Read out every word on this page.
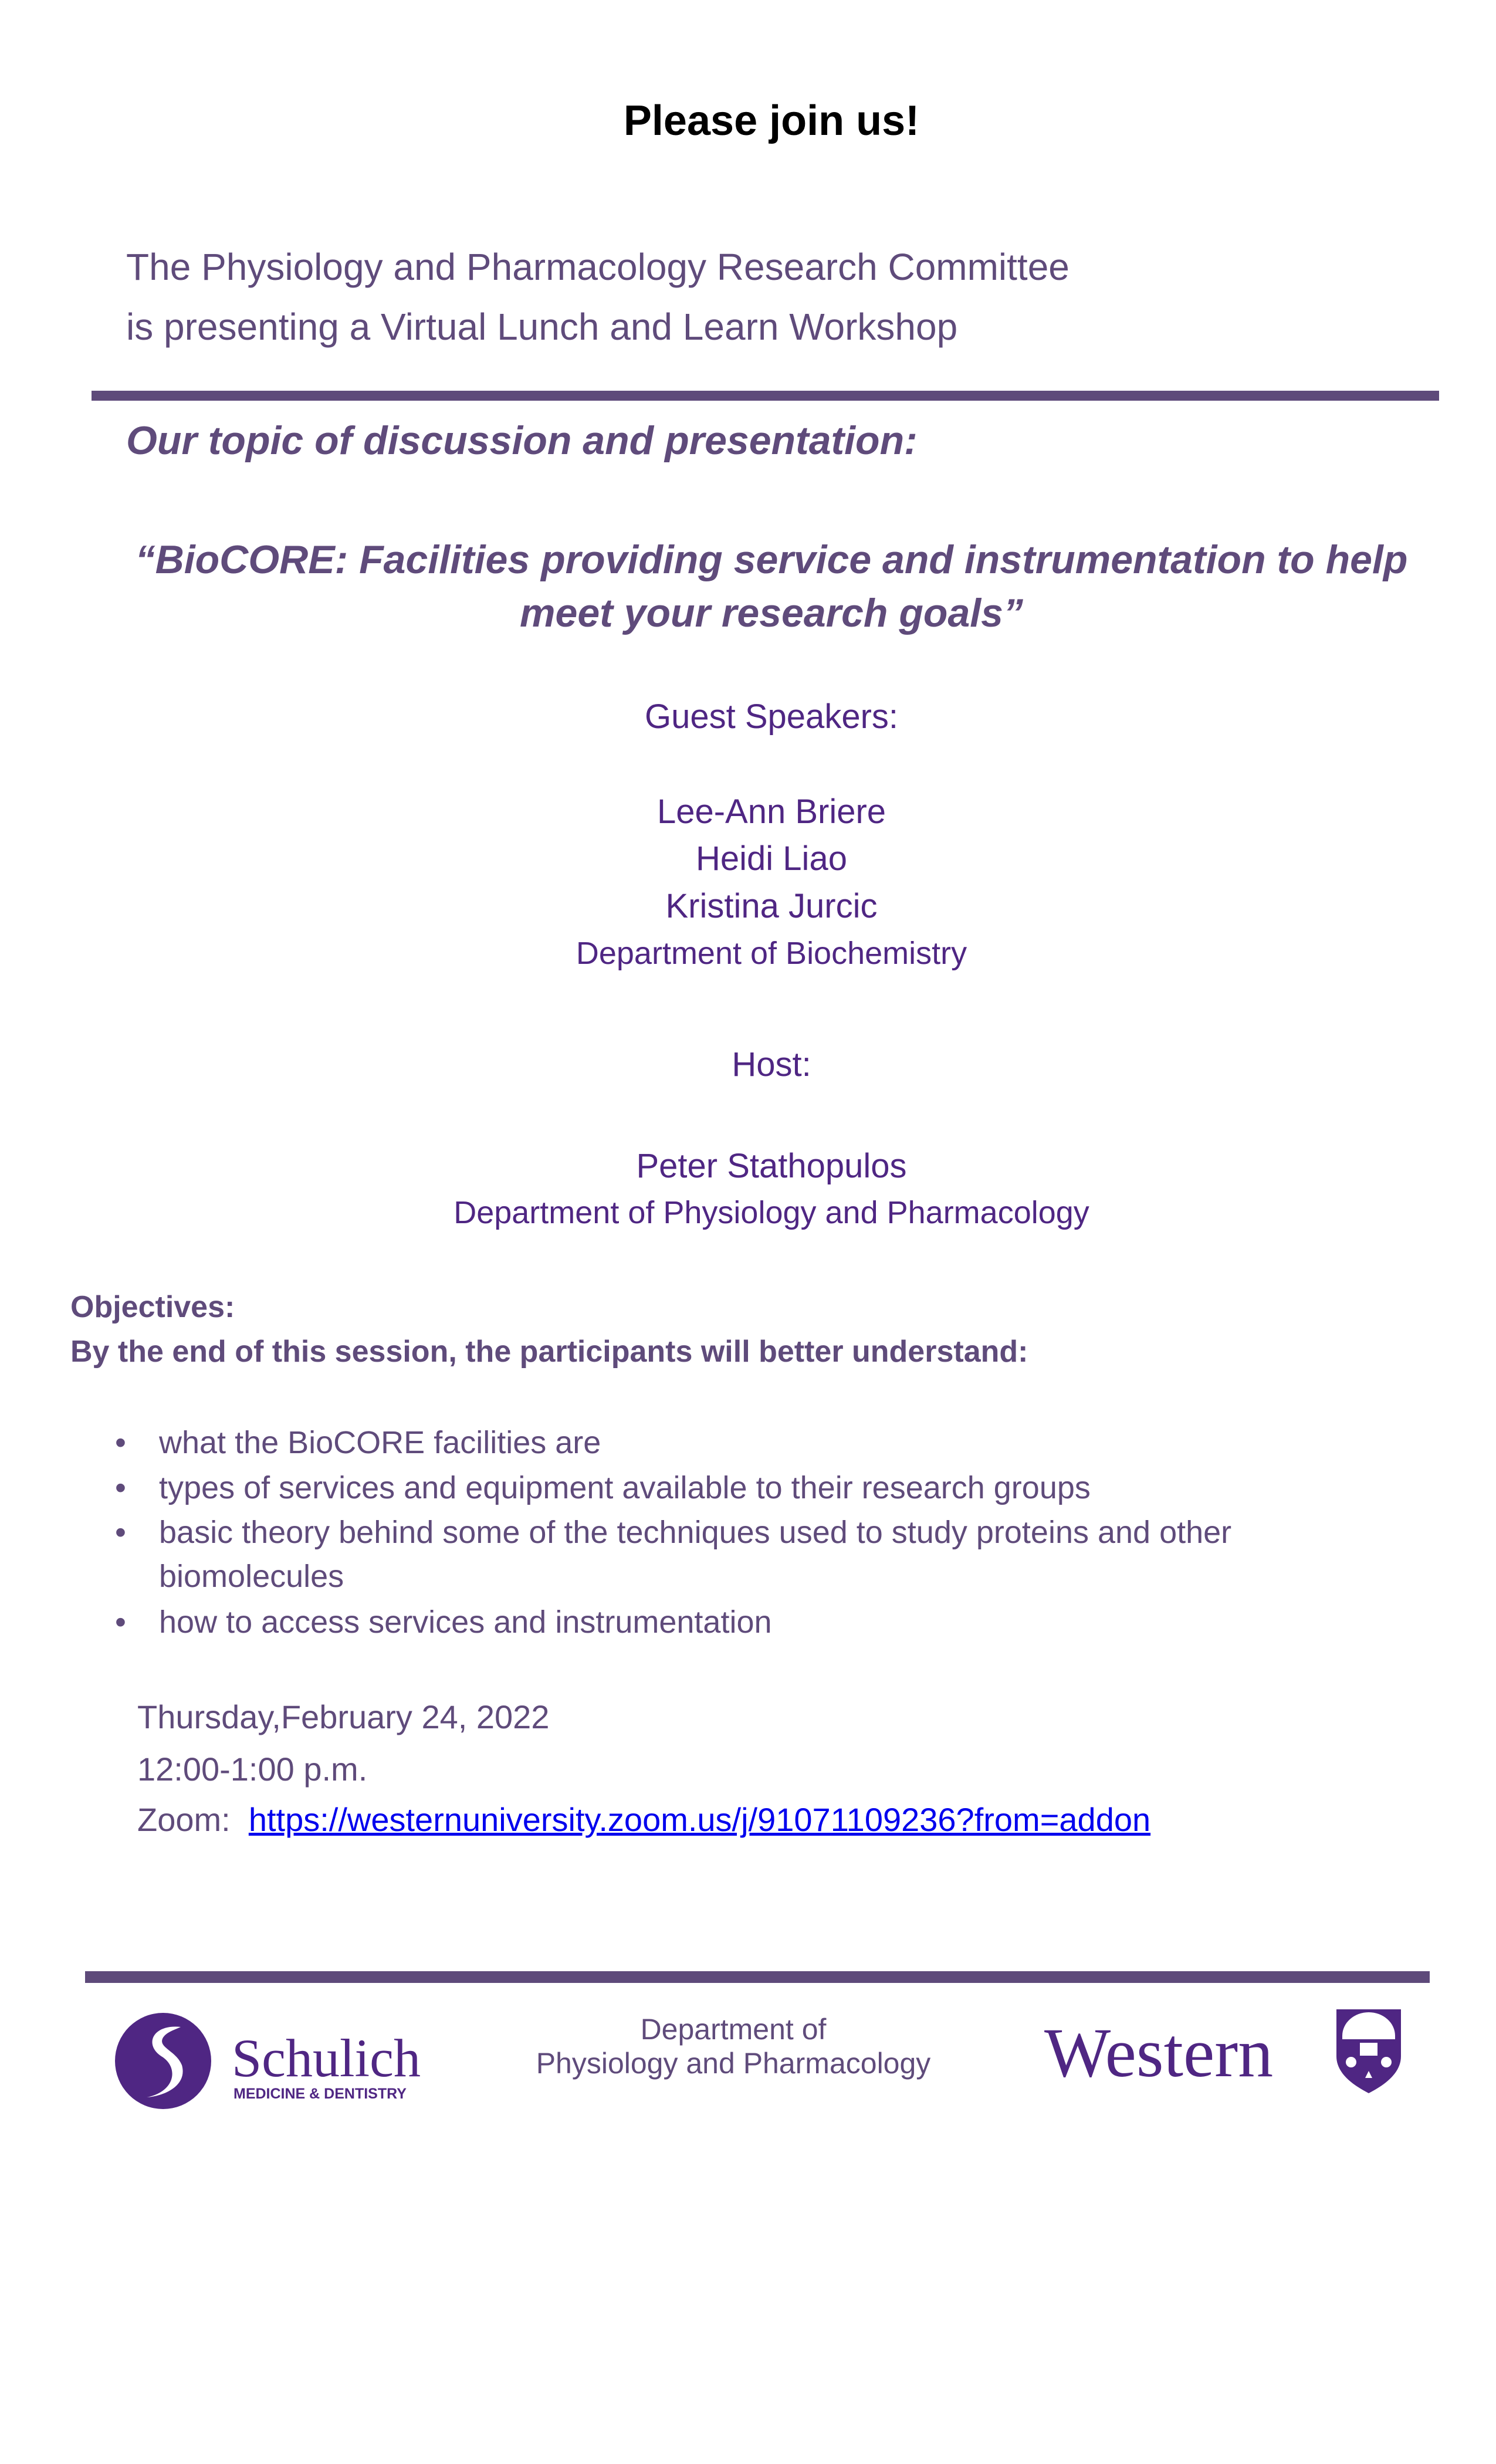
Please join us!
The Physiology and Pharmacology Research Committee
is presenting a Virtual Lunch and Learn Workshop
Our topic of discussion and presentation:
“BioCORE: Facilities providing service and instrumentation to help
meet your research goals”
Guest Speakers:
Lee-Ann Briere
Heidi Liao
Kristina Jurcic
Department of Biochemistry
Host:
Peter Stathopulos
Department of Physiology and Pharmacology
Objectives:
By the end of this session, the participants will better understand:
• what the BioCORE facilities are
• types of services and equipment available to their research groups
• basic theory behind some of the techniques used to study proteins and other
biomolecules
• how to access services and instrumentation
Thursday,February 24, 2022
12:00-1:00 p.m.
Zoom: https://westernuniversity.zoom.us/j/91071109236?from=addon
Schulich
MEDICINE & DENTISTRY
Department of
Physiology and Pharmacology	Western
